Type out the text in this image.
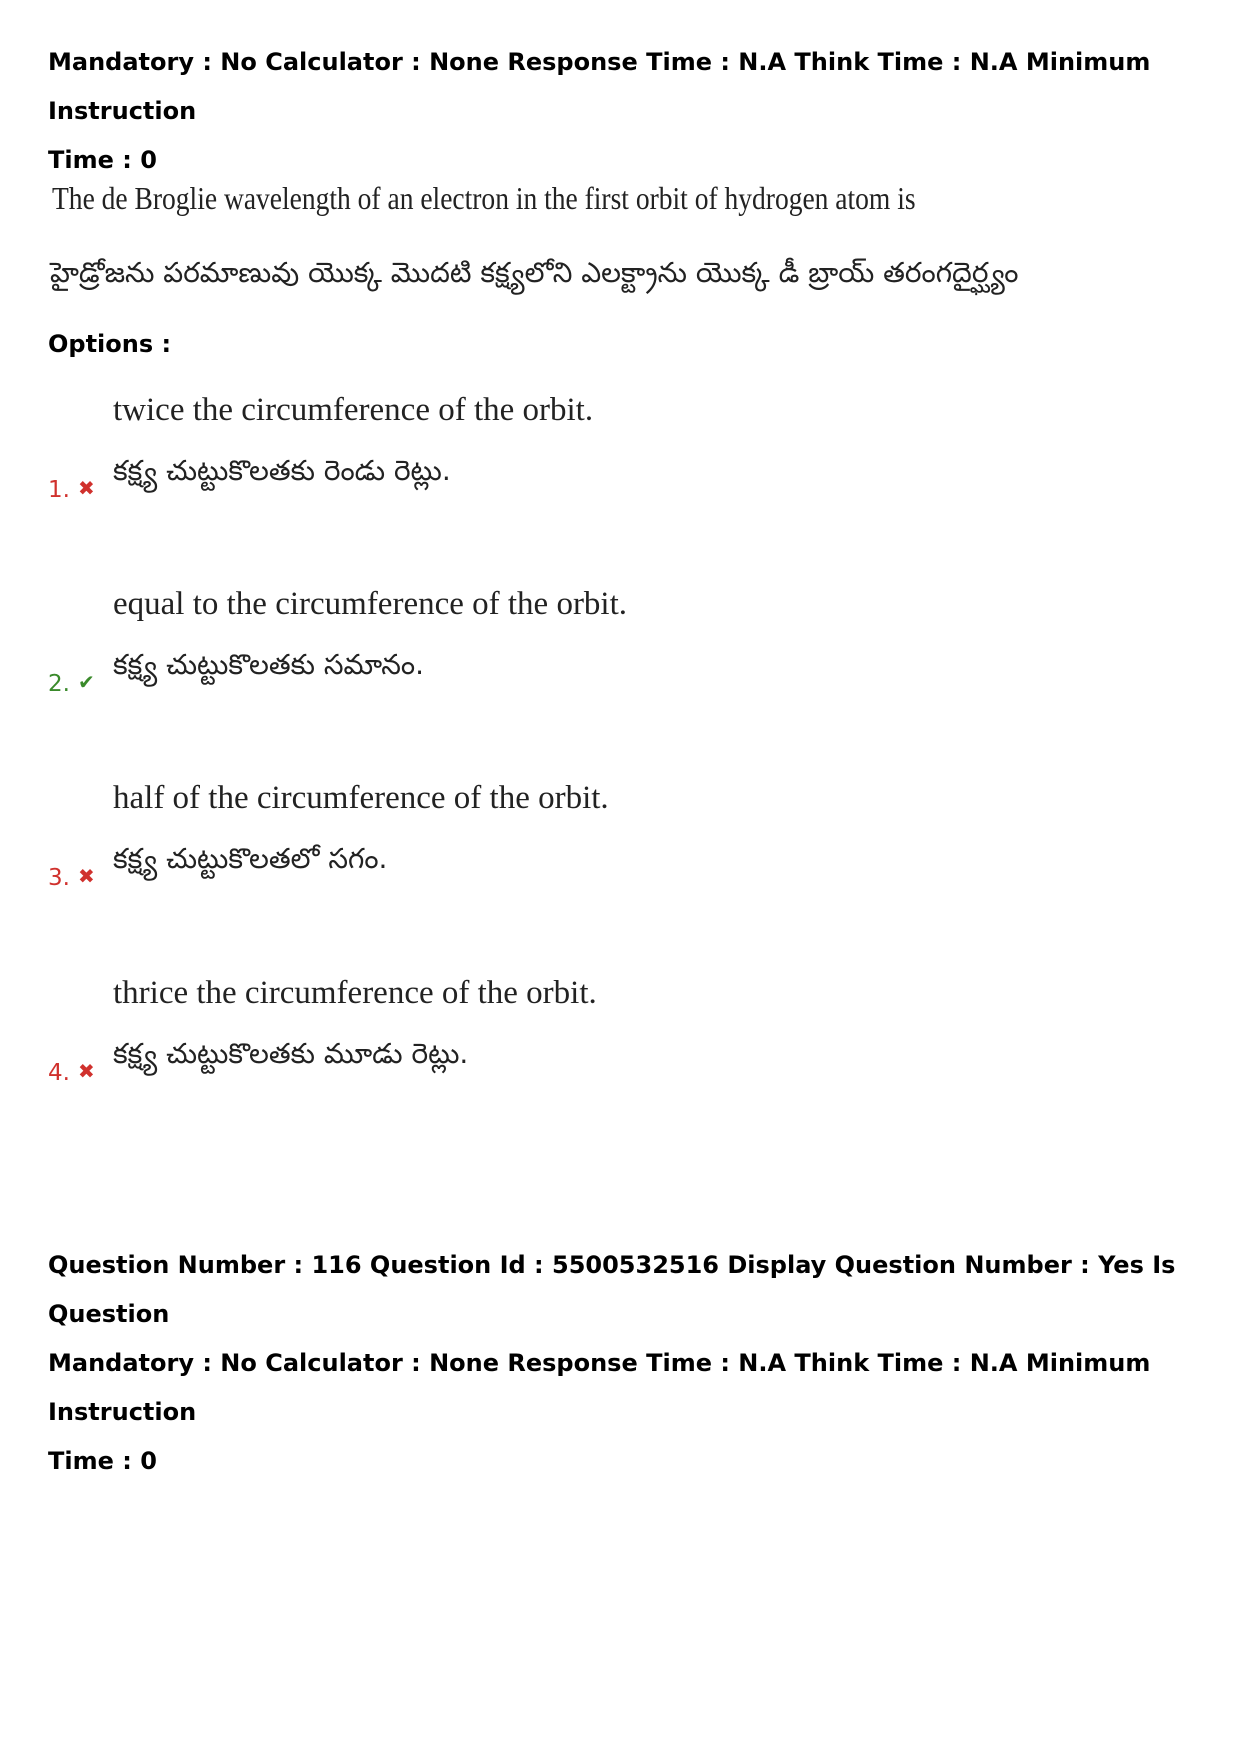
Mandatory : No Calculator : None Response Time : N.A Think Time : N.A Minimum Instruction
Time : 0
The de Broglie wavelength of an electron in the first orbit of hydrogen atom is
హైడ్రోజను పరమాణువు యొక్క మొదటి కక్ష్యలోని ఎలక్ట్రాను యొక్క డీ బ్రాయ్ తరంగదైర్ఘ్యం
Options :
twice the circumference of the orbit.
కక్ష్య చుట్టుకొలతకు రెండు రెట్లు.
1. ✖
equal to the circumference of the orbit.
కక్ష్య చుట్టుకొలతకు సమానం.
2. ✔
half of the circumference of the orbit.
కక్ష్య చుట్టుకొలతలో సగం.
3. ✖
thrice the circumference of the orbit.
కక్ష్య చుట్టుకొలతకు మూడు రెట్లు.
4. ✖
Question Number : 116 Question Id : 5500532516 Display Question Number : Yes Is Question
Mandatory : No Calculator : None Response Time : N.A Think Time : N.A Minimum Instruction
Time : 0
